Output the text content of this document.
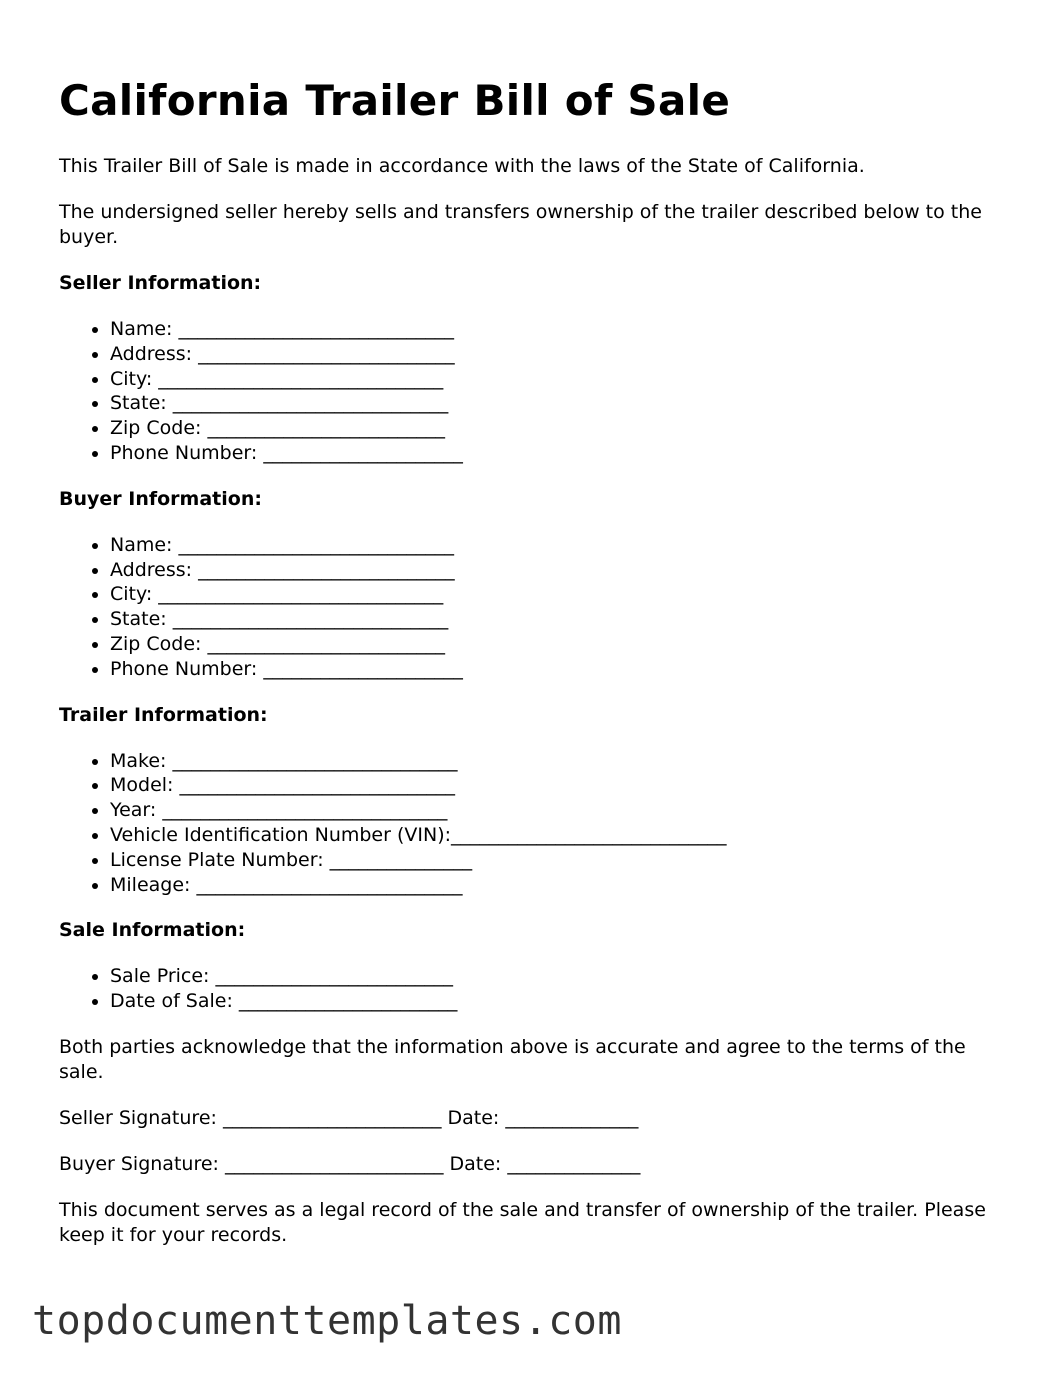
California Trailer Bill of Sale

This Trailer Bill of Sale is made in accordance with the laws of the State of California.

The undersigned seller hereby sells and transfers ownership of the trailer described below to the buyer.

Seller Information:
• Name: _____________________________
• Address: ___________________________
• City: ______________________________
• State: _____________________________
• Zip Code: _________________________
• Phone Number: _____________________
Buyer Information:
• Name: _____________________________
• Address: ___________________________
• City: ______________________________
• State: _____________________________
• Zip Code: _________________________
• Phone Number: _____________________
Trailer Information:
• Make: ______________________________
• Model: _____________________________
• Year: ______________________________
• Vehicle Identification Number (VIN):_____________________________
• License Plate Number: _______________
• Mileage: ____________________________
Sale Information:
• Sale Price: _________________________
• Date of Sale: _______________________

Both parties acknowledge that the information above is accurate and agree to the terms of the sale.

Seller Signature: _______________________ Date: ______________

Buyer Signature: _______________________ Date: ______________

This document serves as a legal record of the sale and transfer of ownership of the trailer. Please keep it for your records.

topdocumenttemplates.com
